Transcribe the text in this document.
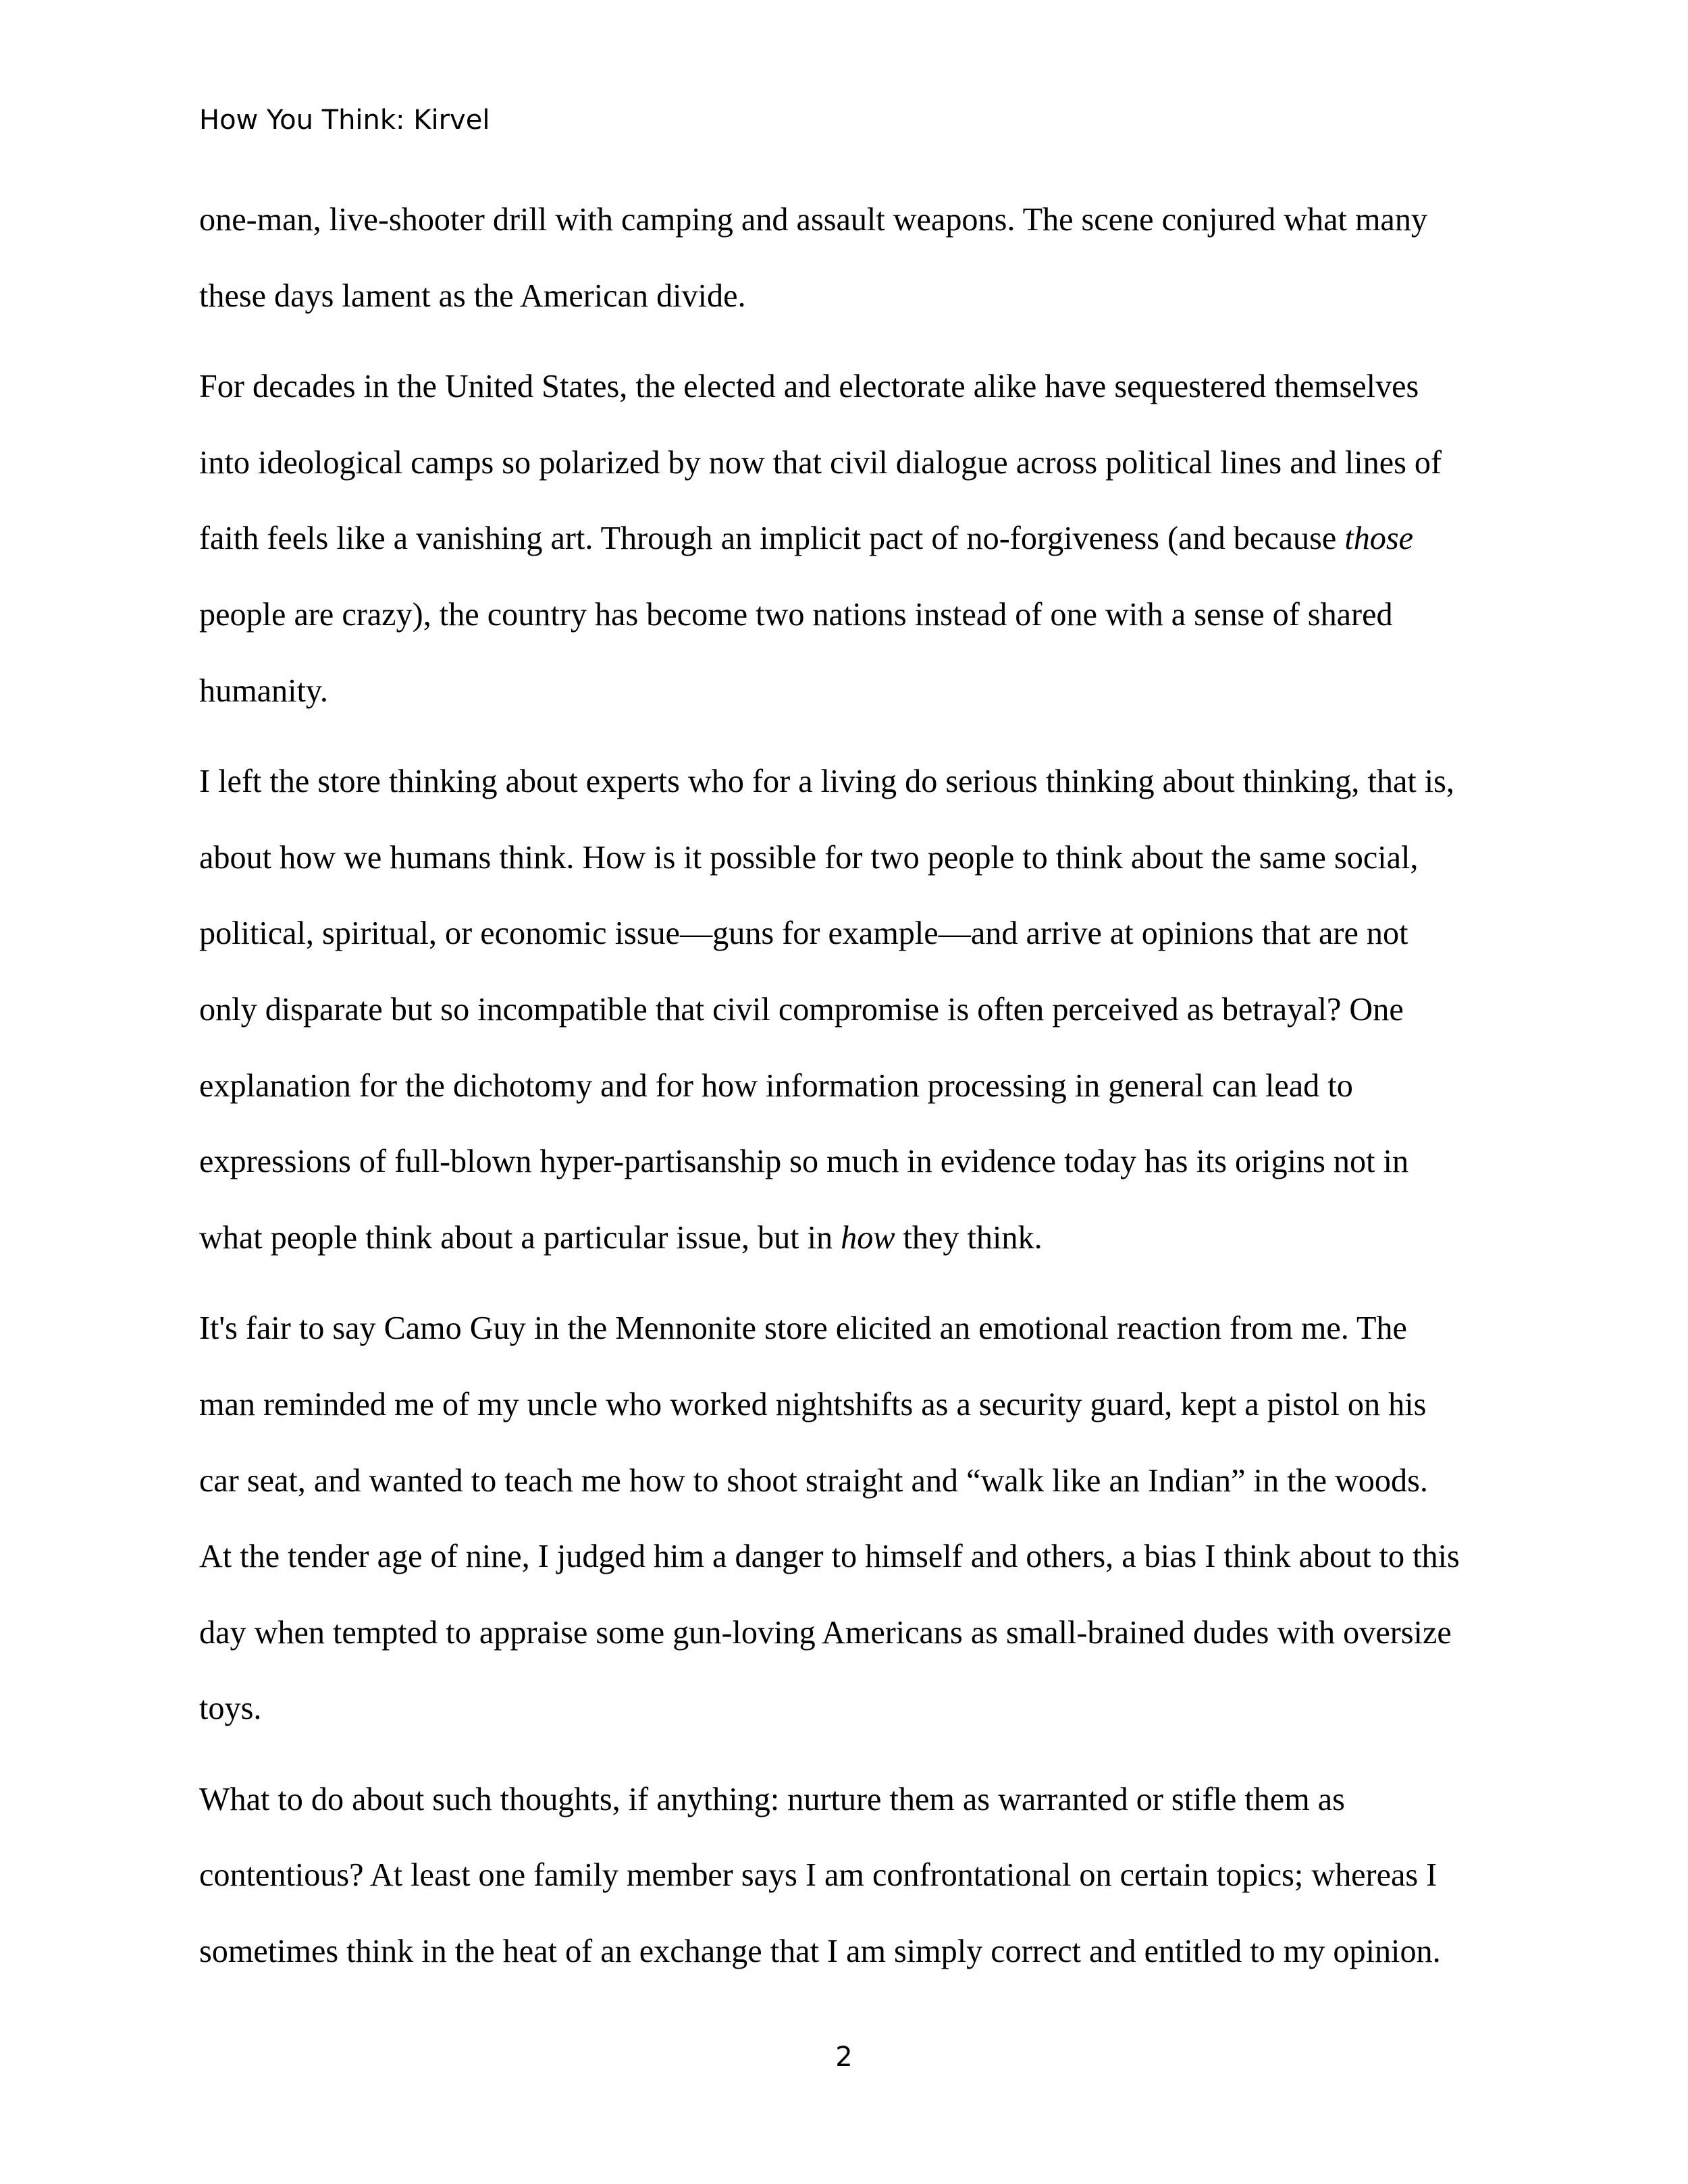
How You Think: Kirvel
one-man, live-shooter drill with camping and assault weapons. The scene conjured what many
these days lament as the American divide.
For decades in the United States, the elected and electorate alike have sequestered themselves
into ideological camps so polarized by now that civil dialogue across political lines and lines of
faith feels like a vanishing art. Through an implicit pact of no-forgiveness (and because those
people are crazy), the country has become two nations instead of one with a sense of shared
humanity.
I left the store thinking about experts who for a living do serious thinking about thinking, that is,
about how we humans think. How is it possible for two people to think about the same social,
political, spiritual, or economic issue—guns for example—and arrive at opinions that are not
only disparate but so incompatible that civil compromise is often perceived as betrayal? One
explanation for the dichotomy and for how information processing in general can lead to
expressions of full-blown hyper-partisanship so much in evidence today has its origins not in
what people think about a particular issue, but in how they think.
It's fair to say Camo Guy in the Mennonite store elicited an emotional reaction from me. The
man reminded me of my uncle who worked nightshifts as a security guard, kept a pistol on his
car seat, and wanted to teach me how to shoot straight and “walk like an Indian” in the woods.
At the tender age of nine, I judged him a danger to himself and others, a bias I think about to this
day when tempted to appraise some gun-loving Americans as small-brained dudes with oversize
toys.
What to do about such thoughts, if anything: nurture them as warranted or stifle them as
contentious? At least one family member says I am confrontational on certain topics; whereas I
sometimes think in the heat of an exchange that I am simply correct and entitled to my opinion.
2
